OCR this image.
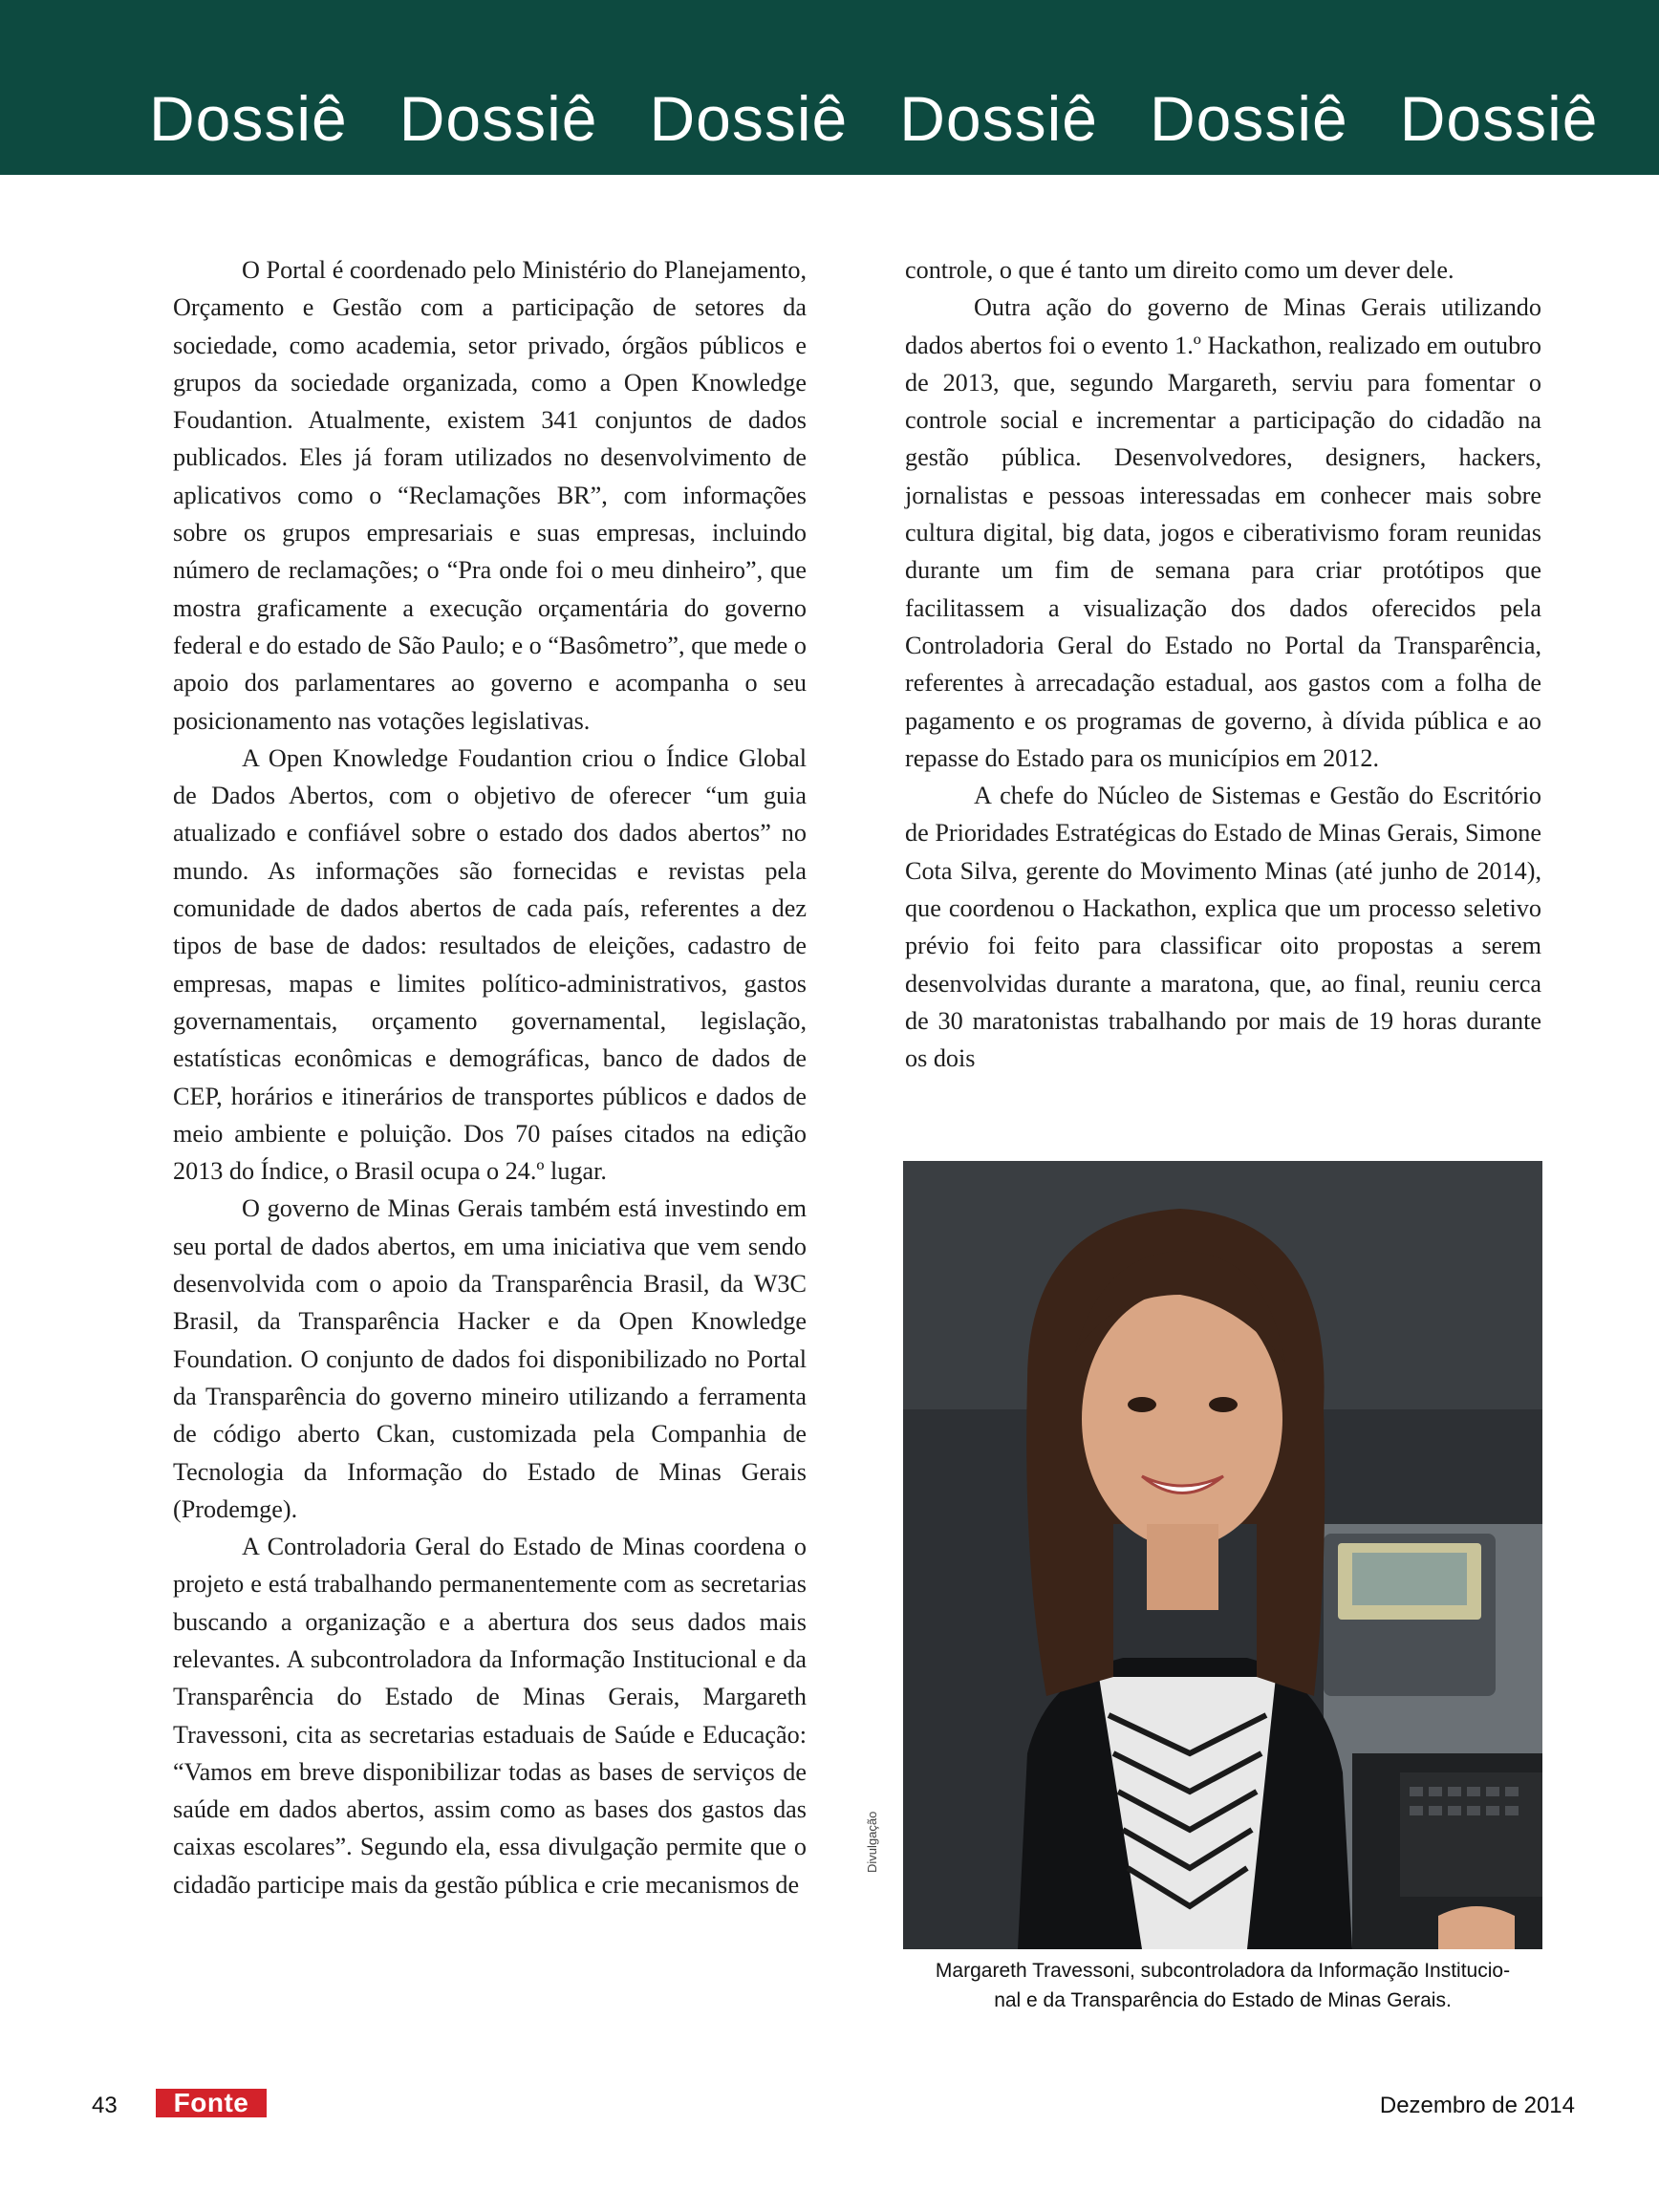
Dossiê Dossiê Dossiê Dossiê Dossiê Dossiê

O Portal é coordenado pelo Ministério do Planejamento, Orçamento e Gestão com a participação de setores da sociedade, como academia, setor privado, órgãos públicos e grupos da sociedade organizada, como a Open Knowledge Foudantion. Atualmente, existem 341 conjuntos de dados publicados. Eles já foram utilizados no desenvolvimento de aplicativos como o “Reclamações BR”, com informações sobre os grupos empresariais e suas empresas, incluindo número de reclamações; o “Pra onde foi o meu dinheiro”, que mostra graficamente a execução orçamentária do governo federal e do estado de São Paulo; e o “Basômetro”, que mede o apoio dos parlamentares ao governo e acompanha o seu posicionamento nas votações legislativas.

A Open Knowledge Foudantion criou o Índice Global de Dados Abertos, com o objetivo de oferecer “um guia atualizado e confiável sobre o estado dos dados abertos” no mundo. As informações são fornecidas e revistas pela comunidade de dados abertos de cada país, referentes a dez tipos de base de dados: resultados de eleições, cadastro de empresas, mapas e limites político-administrativos, gastos governamentais, orçamento governamental, legislação, estatísticas econômicas e demográficas, banco de dados de CEP, horários e itinerários de transportes públicos e dados de meio ambiente e poluição. Dos 70 países citados na edição 2013 do Índice, o Brasil ocupa o 24.º lugar.

O governo de Minas Gerais também está investindo em seu portal de dados abertos, em uma iniciativa que vem sendo desenvolvida com o apoio da Transparência Brasil, da W3C Brasil, da Transparência Hacker e da Open Knowledge Foundation. O conjunto de dados foi disponibilizado no Portal da Transparência do governo mineiro utilizando a ferramenta de código aberto Ckan, customizada pela Companhia de Tecnologia da Informação do Estado de Minas Gerais (Prodemge).

A Controladoria Geral do Estado de Minas coordena o projeto e está trabalhando permanentemente com as secretarias buscando a organização e a abertura dos seus dados mais relevantes. A subcontroladora da Informação Institucional e da Transparência do Estado de Minas Gerais, Margareth Travessoni, cita as secretarias estaduais de Saúde e Educação: “Vamos em breve disponibilizar todas as bases de serviços de saúde em dados abertos, assim como as bases dos gastos das caixas escolares”. Segundo ela, essa divulgação permite que o cidadão participe mais da gestão pública e crie mecanismos de

controle, o que é tanto um direito como um dever dele.

Outra ação do governo de Minas Gerais utilizando dados abertos foi o evento 1.º Hackathon, realizado em outubro de 2013, que, segundo Margareth, serviu para fomentar o controle social e incrementar a participação do cidadão na gestão pública. Desenvolvedores, designers, hackers, jornalistas e pessoas interessadas em conhecer mais sobre cultura digital, big data, jogos e ciberativismo foram reunidas durante um fim de semana para criar protótipos que facilitassem a visualização dos dados oferecidos pela Controladoria Geral do Estado no Portal da Transparência, referentes à arrecadação estadual, aos gastos com a folha de pagamento e os programas de governo, à dívida pública e ao repasse do Estado para os municípios em 2012.

A chefe do Núcleo de Sistemas e Gestão do Escritório de Prioridades Estratégicas do Estado de Minas Gerais, Simone Cota Silva, gerente do Movimento Minas (até junho de 2014), que coordenou o Hackathon, explica que um processo seletivo prévio foi feito para classificar oito propostas a serem desenvolvidas durante a maratona, que, ao final, reuniu cerca de 30 maratonistas trabalhando por mais de 19 horas durante os dois

Divulgação
Margareth Travessoni, subcontroladora da Informação Institucio-
nal e da Transparência do Estado de Minas Gerais.
43	Fonte	Dezembro de 2014
